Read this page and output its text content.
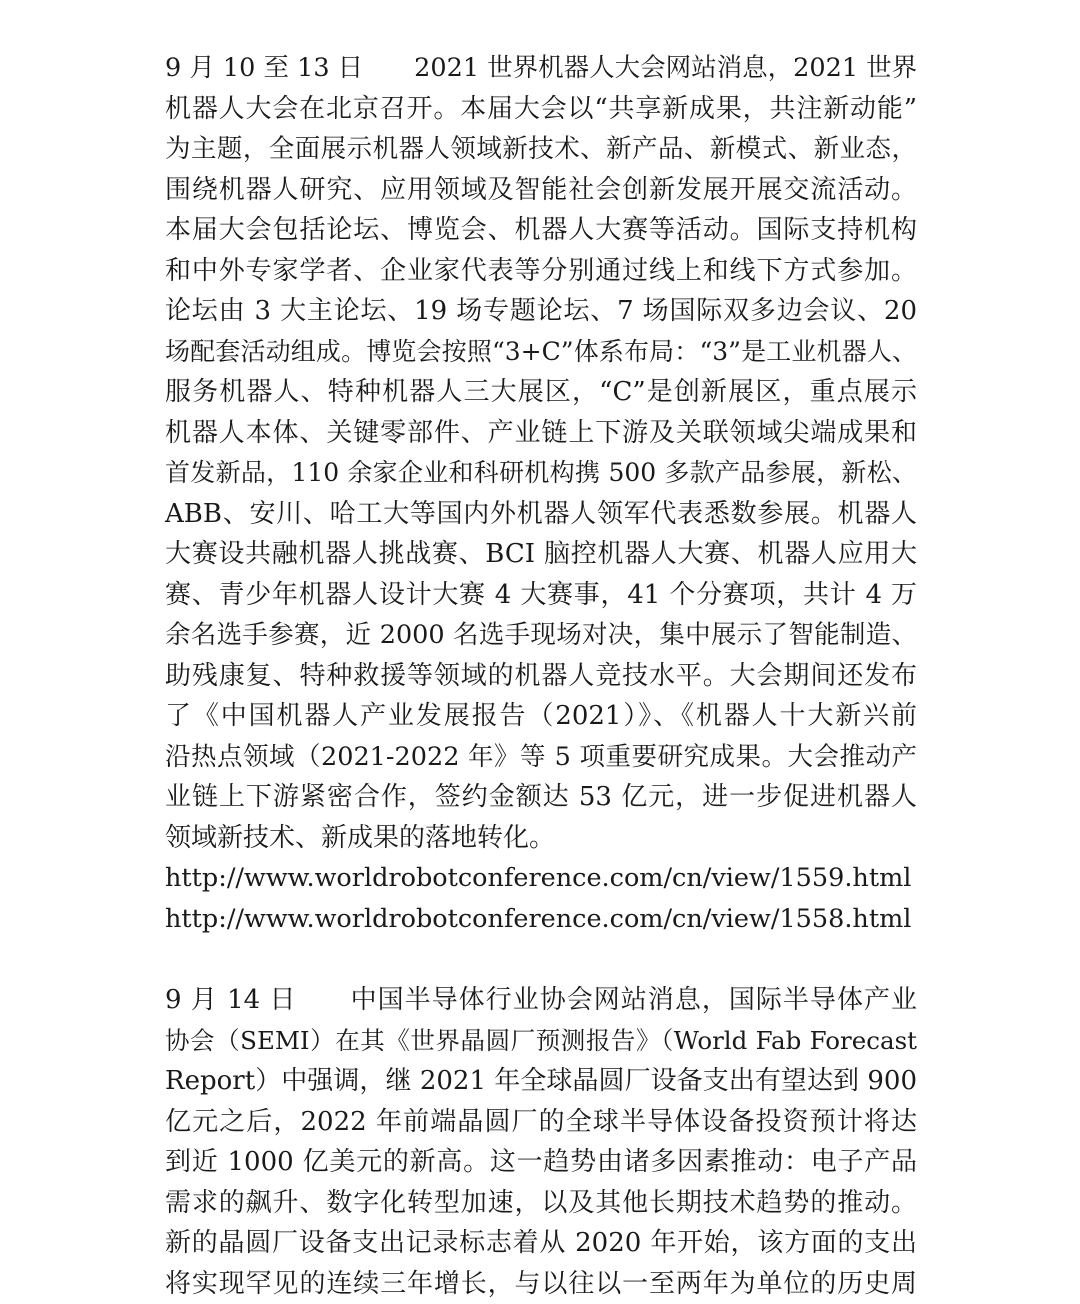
9 月 10 至 13 日　　2021 世界机器人大会网站消息，2021 世界
机器人大会在北京召开。本届大会以“共享新成果，共注新动能”
为主题，全面展示机器人领域新技术、新产品、新模式、新业态，
围绕机器人研究、应用领域及智能社会创新发展开展交流活动。
本届大会包括论坛、博览会、机器人大赛等活动。国际支持机构
和中外专家学者、企业家代表等分别通过线上和线下方式参加。
论坛由 3 大主论坛、19 场专题论坛、7 场国际双多边会议、20
场配套活动组成。博览会按照“3+C”体系布局：“3”是工业机器人、
服务机器人、特种机器人三大展区，“C”是创新展区，重点展示
机器人本体、关键零部件、产业链上下游及关联领域尖端成果和
首发新品，110 余家企业和科研机构携 500 多款产品参展，新松、
ABB、安川、哈工大等国内外机器人领军代表悉数参展。机器人
大赛设共融机器人挑战赛、BCI 脑控机器人大赛、机器人应用大
赛、青少年机器人设计大赛 4 大赛事，41 个分赛项，共计 4 万
余名选手参赛，近 2000 名选手现场对决，集中展示了智能制造、
助残康复、特种救援等领域的机器人竞技水平。大会期间还发布
了《中国机器人产业发展报告（2021）》、《机器人十大新兴前
沿热点领域（2021-2022 年》等 5 项重要研究成果。大会推动产
业链上下游紧密合作，签约金额达 53 亿元，进一步促进机器人
领域新技术、新成果的落地转化。
http://www.worldrobotconference.com/cn/view/1559.html
http://www.worldrobotconference.com/cn/view/1558.html
9 月 14 日　　中国半导体行业协会网站消息，国际半导体产业
协会（SEMI）在其《世界晶圆厂预测报告》（World Fab Forecast
Report）中强调，继 2021 年全球晶圆厂设备支出有望达到 900
亿元之后，2022 年前端晶圆厂的全球半导体设备投资预计将达
到近 1000 亿美元的新高。这一趋势由诸多因素推动：电子产品
需求的飙升、数字化转型加速，以及其他长期技术趋势的推动。
新的晶圆厂设备支出记录标志着从 2020 年开始，该方面的支出
将实现罕见的连续三年增长，与以往以一至两年为单位的历史周
